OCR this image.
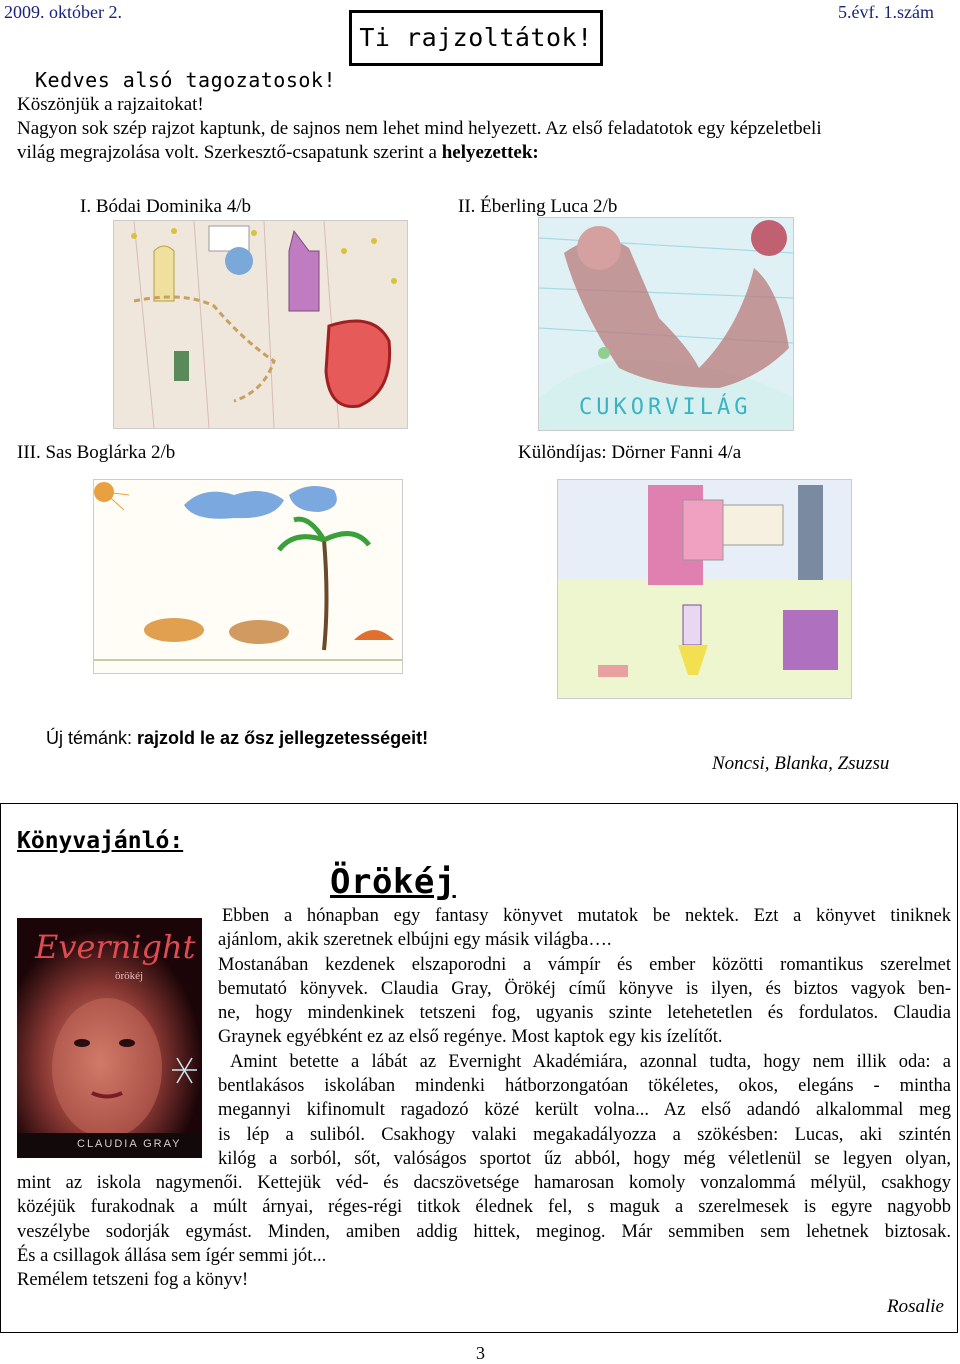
2009. október 2.
Ti rajzoltátok!
5.évf. 1.szám
Kedves alsó tagozatosok!
Köszönjük a rajzaitokat!
Nagyon sok szép rajzot kaptunk, de sajnos nem lehet mind helyezett. Az első feladatotok egy képzeletbeli
világ megrajzolása volt. Szerkesztő-csapatunk szerint a helyezettek:
I. Bódai Dominika 4/b	II. Éberling Luca 2/b
CUKORVILÁG
III. Sas Boglárka 2/b	Különdíjas: Dörner Fanni 4/a
Új témánk: rajzold le az ősz jellegzetességeit!
Noncsi, Blanka, Zsuzsu
Könyvajánló:
Örökéj
Evernight
örökéj
CLAUDIA GRAY

Ebben a hónapban egy fantasy könyvet mutatok be nektek. Ezt a könyvet tiniknek

ajánlom, akik szeretnek elbújni egy másik világba….

Mostanában kezdenek elszaporodni a vámpír és ember közötti romantikus szerelmet

bemutató könyvek. Claudia Gray, Örökéj című könyve is ilyen, és biztos vagyok ben-

ne, hogy mindenkinek tetszeni fog, ugyanis szinte letehetetlen és fordulatos. Claudia

Graynek egyébként ez az első regénye. Most kaptok egy kis ízelítőt.

Amint betette a lábát az Evernight Akadémiára, azonnal tudta, hogy nem illik oda: a

bentlakásos iskolában mindenki hátborzongatóan tökéletes, okos, elegáns - mintha

megannyi kifinomult ragadozó közé került volna... Az első adandó alkalommal meg

is lép a suliból. Csakhogy valaki megakadályozza a szökésben: Lucas, aki szintén

kilóg a sorból, sőt, valóságos sportot űz abból, hogy még véletlenül se legyen olyan,

mint az iskola nagymenői. Kettejük véd- és dacszövetsége hamarosan komoly vonzalommá mélyül, csakhogy

közéjük furakodnak a múlt árnyai, réges-régi titkok élednek fel, s maguk a szerelmesek is egyre nagyobb

veszélybe sodorják egymást. Minden, amiben addig hittek, meginog. Már semmiben sem lehetnek biztosak.

És a csillagok állása sem ígér semmi jót...

Remélem tetszeni fog a könyv!

Rosalie
3
